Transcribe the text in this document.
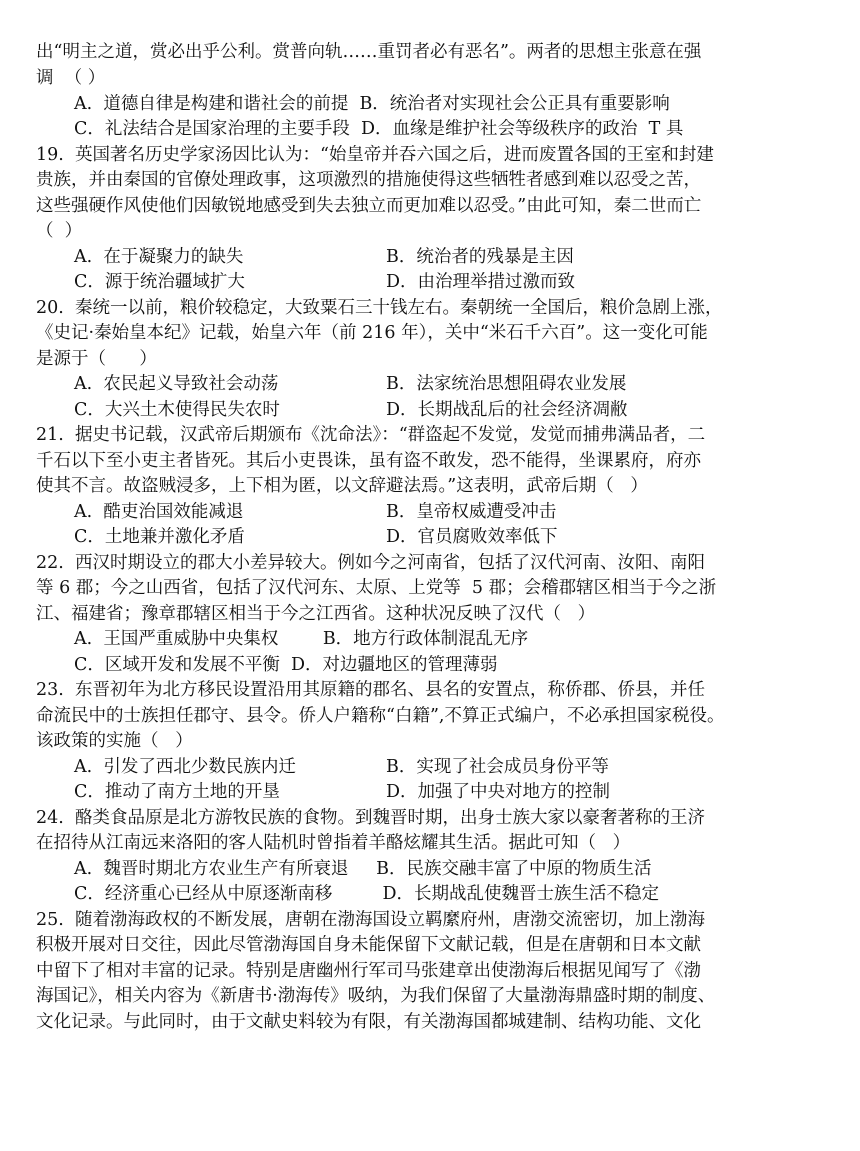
出“明主之道，赏必出乎公利。赏普向轨……重罚者必有恶名”。两者的思想主张意在强
调  （ ）
A.  道德自律是构建和谐社会的前提  B．统治者对实现社会公正具有重要影响
C．礼法结合是国家治理的主要手段  D．血缘是维护社会等级秩序的政治  T 具
19.  英国著名历史学家汤因比认为：“始皇帝并吞六国之后，进而废置各国的王室和封建
贵族，并由秦国的官僚处理政事，这项激烈的措施使得这些牺牲者感到难以忍受之苦，
这些强硬作风使他们因敏锐地感受到失去独立而更加难以忍受。”由此可知，秦二世而亡
（  ）
A.  在于凝聚力的缺失	B．统治者的残暴是主因
C．源于统治疆域扩大	D．由治理举措过激而致
20.  秦统一以前，粮价较稳定，大致粟石三十钱左右。秦朝统一全国后，粮价急剧上涨，
《史记·秦始皇本纪》记载，始皇六年（前 216 年），关中“米石千六百”。这一变化可能
是源于（      ）
A.  农民起义导致社会动荡	B．法家统治思想阻碍农业发展
C．大兴土木使得民失农时	D．长期战乱后的社会经济凋敝
21.  据史书记载，汉武帝后期颁布《沈命法》：“群盗起不发觉，发觉而捕弗满品者，二
千石以下至小吏主者皆死。其后小吏畏诛，虽有盗不敢发，恐不能得，坐课累府，府亦
使其不言。故盗贼浸多，上下相为匿，以文辞避法焉。”这表明，武帝后期（   ）
A.  酷吏治国效能减退	B．皇帝权威遭受冲击
C．土地兼并激化矛盾	D．官员腐败效率低下
22.  西汉时期设立的郡大小差异较大。例如今之河南省，包括了汉代河南、汝阳、南阳
等 6 郡；今之山西省，包括了汉代河东、太原、上党等  5 郡；会稽郡辖区相当于今之浙
江、福建省；豫章郡辖区相当于今之江西省。这种状况反映了汉代（   ）
A.  王国严重威胁中央集权        B．地方行政体制混乱无序
C．区域开发和发展不平衡  D．对边疆地区的管理薄弱
23.  东晋初年为北方移民设置沿用其原籍的郡名、县名的安置点，称侨郡、侨县，并任
命流民中的士族担任郡守、县令。侨人户籍称“白籍”,不算正式编户，不必承担国家税役。
该政策的实施（   ）
A.  引发了西北少数民族内迁	B．实现了社会成员身份平等
C．推动了南方土地的开垦	D．加强了中央对地方的控制
24.  酪类食品原是北方游牧民族的食物。到魏晋时期，出身士族大家以豪奢著称的王济
在招待从江南远来洛阳的客人陆机时曾指着羊酪炫耀其生活。据此可知（   ）
A.  魏晋时期北方农业生产有所衰退     B．民族交融丰富了中原的物质生活
C．经济重心已经从中原逐渐南移         D．长期战乱使魏晋士族生活不稳定
25.  随着渤海政权的不断发展，唐朝在渤海国设立羁縻府州，唐渤交流密切，加上渤海
积极开展对日交往，因此尽管渤海国自身未能保留下文献记载，但是在唐朝和日本文献
中留下了相对丰富的记录。特别是唐幽州行军司马张建章出使渤海后根据见闻写了《渤
海国记》，相关内容为《新唐书·渤海传》吸纳，为我们保留了大量渤海鼎盛时期的制度、
文化记录。与此同时，由于文献史料较为有限，有关渤海国都城建制、结构功能、文化
